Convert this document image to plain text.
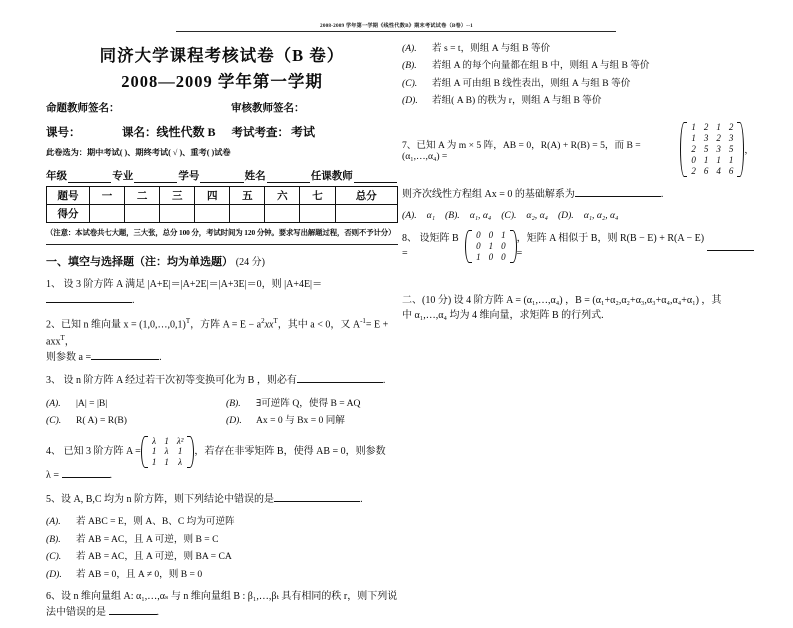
2008-2009 学年第一学期《线性代数B》期末考试试卷（B卷）--1
同济大学课程考核试卷（B 卷）
2008—2009 学年第一学期
命题教师签名：	审核教师签名：
课号：	课名： 线性代数 B	考试考查： 考试
此卷选为：期中考试( )、期终考试( √ )、重考( )试卷
年级	专业	学号	姓名	任课教师
题号	一	二	三	四	五	六	七	总分
得分								
（注意：本试卷共七大题，三大张，总分 100 分，考试时间为 120 分钟。要求写出解题过程，否则不予计分）
一、填空与选择题（注：均为单选题） (24 分)
1、 设 3 阶方阵 A 满足 |A+E|＝|A+2E|＝|A+3E|＝0，则 |A+4E|＝ .
2、已知 n 维向量 x = (1,0,…,0,1)$^T$，方阵 $A = E - a^2xx^T$，其中 a < 0，又 $A^{-1}= E + axx^T$，
则参数 a =	.
3、 设 n 阶方阵 A 经过若干次初等变换可化为 B ，则必有	.
(A).	|A| = |B|	(B).	∃可逆阵 Q，使得 B = AQ
(C).	R( A) = R(B)	(D).	Ax = 0 与 Bx = 0 同解
4、 已知 3 阶方阵 A =
λ	1	λ²
1	λ	1
1	1	λ
，若存在非零矩阵 B，使得 AB = 0，则参数
λ =	.
5、设 A, B,C 均为 n 阶方阵，则下列结论中错误的是	.
(A).	若 ABC = E，则 A、B、C 均为可逆阵
(B).	若 AB = AC，且 A 可逆，则 B = C
(C).	若 AB = AC，且 A 可逆，则 BA = CA
(D).	若 AB = 0，且 A ≠ 0，则 B = 0
6、设 n 维向量组 A: α₁,…,αₛ 与 n 维向量组 B : β₁,…,βₜ 具有相同的秩 r，则下列说法中错误的是	.
(A).	若 s = t，则组 A 与组 B 等价
(B).	若组 A 的每个向量都在组 B 中，则组 A 与组 B 等价
(C).	若组 A 可由组 B 线性表出，则组 A 与组 B 等价
(D).	若组( A B) 的秩为 r，则组 A 与组 B 等价
7、已知 A 为 m × 5 阵，AB = 0，R(A) + R(B) = 5，而 B = (α₁,…,α₄) =
1	2	1	2
1	3	2	3
2	5	3	5
0	1	1	1
2	6	4	6
，
则齐次线性方程组 Ax = 0 的基础解系为	.
(A). α₁ (B). α₁, α₄ (C). α₂, α₄ (D). α₁, α₂, α₄
8、 设矩阵 B =
0	0	1
0	1	0
1	0	0
，矩阵 A 相似于 B，则 R(B − E) + R(A − E) =
二、(10 分) 设 4 阶方阵 A = (α₁,…,α₄) ，B = (α₁+α₂,α₂+α₃,α₃+α₄,α₄+α₁) ，其
中 α₁,…,α₄ 均为 4 维向量，求矩阵 B 的行列式.
